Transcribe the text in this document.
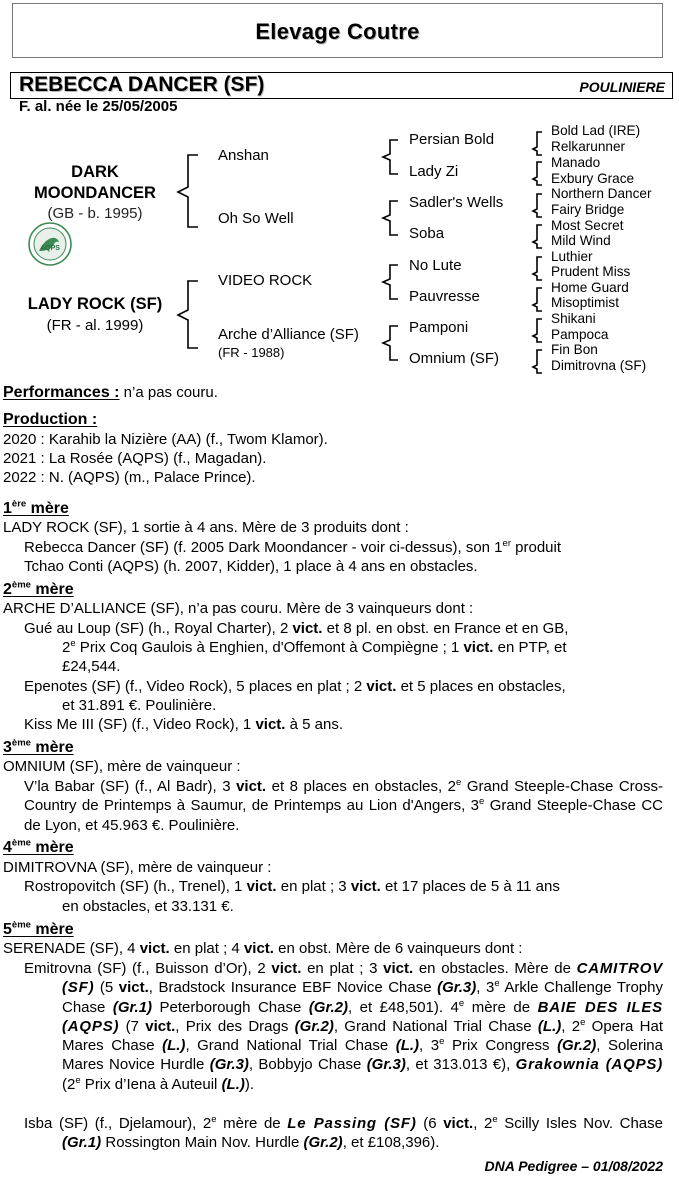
Elevage Coutre
REBECCA DANCER (SF)	POULINIERE
F. al. née le 25/05/2005
DARK
MOONDANCER
(GB - b. 1995)
LADY ROCK (SF)
(FR - al. 1999)
Anshan
Oh So Well
VIDEO ROCK
Arche d’Alliance (SF)
(FR - 1988)
Persian Bold
Lady Zi
Sadler's Wells
Soba
No Lute
Pauvresse
Pamponi
Omnium (SF)
Bold Lad (IRE)
Relkarunner
Manado
Exbury Grace
Northern Dancer
Fairy Bridge
Most Secret
Mild Wind
Luthier
Prudent Miss
Home Guard
Misoptimist
Shikani
Pampoca
Fin Bon
Dimitrovna (SF)
AQPS
Performances : n’a pas couru.
Production :
2020 : Karahib la Nizière (AA) (f., Twom Klamor).
2021 : La Rosée (AQPS) (f., Magadan).
2022 : N. (AQPS) (m., Palace Prince).
1ère mère
LADY ROCK (SF), 1 sortie à 4 ans. Mère de 3 produits dont :
Rebecca Dancer (SF) (f. 2005 Dark Moondancer - voir ci-dessus), son 1er produit
Tchao Conti (AQPS) (h. 2007, Kidder), 1 place à 4 ans en obstacles.
2ème mère
ARCHE D’ALLIANCE (SF), n’a pas couru. Mère de 3 vainqueurs dont :
Gué au Loup (SF) (h., Royal Charter), 2 vict. et 8 pl. en obst. en France et en GB,
2e Prix Coq Gaulois à Enghien, d'Offemont à Compiègne ; 1 vict. en PTP, et
£24,544.
Epenotes (SF) (f., Video Rock), 5 places en plat ; 2 vict. et 5 places en obstacles,
et 31.891 €. Poulinière.
Kiss Me III (SF) (f., Video Rock), 1 vict. à 5 ans.
3ème mère
OMNIUM (SF), mère de vainqueur :
V’la Babar (SF) (f., Al Badr), 3 vict. et 8 places en obstacles, 2e Grand Steeple-Chase Cross-Country de Printemps à Saumur, de Printemps au Lion d'Angers, 3e Grand Steeple-Chase CC de Lyon, et 45.963 €. Poulinière.
4ème mère
DIMITROVNA (SF), mère de vainqueur :
Rostropovitch (SF) (h., Trenel), 1 vict. en plat ; 3 vict. et 17 places de 5 à 11 ans
en obstacles, et 33.131 €.
5ème mère
SERENADE (SF), 4 vict. en plat ; 4 vict. en obst. Mère de 6 vainqueurs dont :
Emitrovna (SF) (f., Buisson d’Or), 2 vict. en plat ; 3 vict. en obstacles. Mère de CAMITROV (SF) (5 vict., Bradstock Insurance EBF Novice Chase (Gr.3), 3e Arkle Challenge Trophy Chase (Gr.1) Peterborough Chase (Gr.2), et £48,501). 4e mère de BAIE DES ILES (AQPS) (7 vict., Prix des Drags (Gr.2), Grand National Trial Chase (L.), 2e Opera Hat Mares Chase (L.), Grand National Trial Chase (L.), 3e Prix Congress (Gr.2), Solerina Mares Novice Hurdle (Gr.3), Bobbyjo Chase (Gr.3), et 313.013 €), Grakownia (AQPS) (2e Prix d’Iena à Auteuil (L.)).
Isba (SF) (f., Djelamour), 2e mère de Le Passing (SF) (6 vict., 2e Scilly Isles Nov. Chase (Gr.1) Rossington Main Nov. Hurdle (Gr.2), et £108,396).
DNA Pedigree – 01/08/2022
